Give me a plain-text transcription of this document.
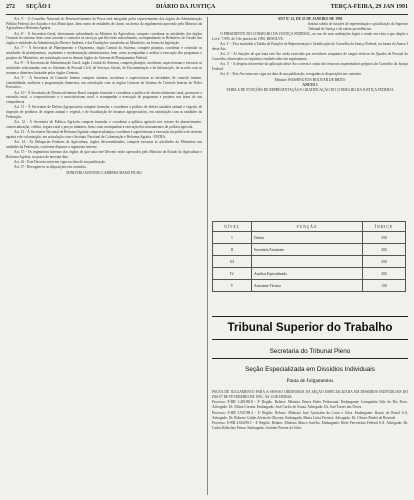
272 SEÇÃO I	DIÁRIO DA JUSTIÇA	TERÇA-FEIRA, 29 JAN 1991

Art. 5º - O Conselho Nacional do Desenvolvimento da Pesca será integrado pelos representantes dos órgãos da Administração Pública Federal, dos Estados e dos Municípios, bem como de entidades de classe, na forma do regulamento aprovado pelo Ministro da Agricultura e Reforma Agrária.

Art. 6º - O Secretário-Geral, diretamente subordinado ao Ministro da Agricultura, compete coordenar as atividades dos órgãos Centrais do sistema, bem como orientar e controlar os serviços que lhe estão subordinados, acompanhando os Relatórios de Gestão dos órgãos e entidades da Administração Direta e Indireta, e das Fundações vinculadas ao Ministério, na forma da legislação.

Art. 7º - À Secretaria de Planejamento e Orçamento, órgão Central do Sistema, compete planejar, coordenar e controlar as atividades de planejamento, orçamento e modernização administrativa, bem como acompanhar e avaliar a execução dos programas e projetos do Ministério, em articulação com os demais órgãos do Sistema de Planejamento Federal.

Art. 8º - À Secretaria de Administração Geral, órgão Central do Sistema, compete planejar, coordenar, supervisionar e executar as atividades relacionadas com os Sistemas de Pessoal Civil, de Serviços Gerais, de Documentação e de Informação, de acordo com as normas e diretrizes baixadas pelos órgãos Centrais.

Art. 9º - À Secretaria de Controle Interno compete orientar, coordenar e supervisionar as atividades de controle interno, contabilidade, auditoria e programação financeira, em articulação com os órgãos Centrais do Sistema de Controle Interno do Poder Executivo.

Art. 10 - À Secretaria de Desenvolvimento Rural compete formular e coordenar a política de desenvolvimento rural, promover a extensão rural, o cooperativismo e o associativismo rural, e acompanhar a execução de programas e projetos nas áreas de sua competência.

Art. 11 - À Secretaria de Defesa Agropecuária compete formular e coordenar a política de defesa sanitária animal e vegetal, de inspeção de produtos de origem animal e vegetal, e de fiscalização de insumos agropecuários, em articulação com as unidades da Federação.

Art. 12 - À Secretaria de Política Agrícola compete formular e coordenar a política agrícola nos setores de abastecimento, comercialização, crédito, seguro rural e preços mínimos, bem como acompanhar a execução dos instrumentos de política agrícola.

Art. 13 - À Secretaria Nacional de Reforma Agrária compete planejar, coordenar e supervisionar a execução da política de reforma agrária e de colonização, em articulação com o Instituto Nacional de Colonização e Reforma Agrária - INCRA.

Art. 14 - Às Delegacias Federais de Agricultura, órgãos descentralizados, compete executar as atividades do Ministério nas unidades da Federação, conforme dispuser o regimento interno.

Art. 15 - Os regimentos internos dos órgãos de que trata este Decreto serão aprovados pelo Ministro de Estado da Agricultura e Reforma Agrária, no prazo de noventa dias.

Art. 16 - Este Decreto entra em vigor na data de sua publicação.

Art. 17 - Revogam-se as disposições em contrário.

MINISTRO ANTONIO CABRERA MANO FILHO

ATO Nº 41, DE 25 DE JANEIRO DE 1991

Institui tabela de funções de representação e gratificação do Superior Tribunal de Justiça e dá outras providências.

O PRESIDENTE DO CONSELHO DA JUSTIÇA FEDERAL, no uso de suas atribuições legais e tendo em vista o que dispõe a Lei nº 7.995, de 9 de janeiro de 1990, RESOLVE:

Art. 1º - Fica instituída a Tabela de Funções de Representação e Gratificação do Conselho da Justiça Federal, na forma do Anexo I deste Ato.

Art. 2º - As funções de que trata este Ato serão exercidas por servidores ocupantes de cargos efetivos do Quadro de Pessoal do Conselho, observados os requisitos estabelecidos em regulamento.

Art. 3º - A despesa decorrente da aplicação deste Ato correrá à conta dos recursos orçamentários próprios do Conselho da Justiça Federal.

Art. 4º - Este Ato entra em vigor na data de sua publicação, revogadas as disposições em contrário.

Ministro WASHINGTON BOLIVAR DE BRITO

ANEXO I

TABELA DE FUNÇÕES DE REPRESENTAÇÃO E GRATIFICAÇÃO DO CONSELHO DA JUSTIÇA FEDERAL

NÍVEL	FUNÇÃO	ÍNDICE
I	Diretor	350
II	Secretário Assistente	300
III		250
IV	Auxiliar Especializado	200
V	Assistente Técnico	150
Tribunal Superior do Trabalho
Secretaria do Tribunal Pleno
Seção Especializada em Dissídios Individuais
Pauta de Julgamentos

PAUTA DE JULGAMENTO PARA A SESSÃO ORDINÁRIA DA SEÇÃO ESPECIALIZADA EM DISSÍDIOS INDIVIDUAIS DO DIA 07 DE FEVEREIRO DE 1991, ÀS 13:00 HORAS.

Processo: E-RR 1.481/88.8 - 3ª Região. Relator: Ministro Ermes Pedro Pedrassani. Embargante: Companhia Vale do Rio Doce. Advogado: Dr. Nilton Correia. Embargado: José Carlos de Souza. Advogado: Dr. José Torres das Neves.

Processo: E-RR 2.927/88.4 - 2ª Região. Relator: Ministro José Ajuricaba da Costa e Silva. Embargante: Banco do Brasil S.A. Advogado: Dr. Roberto Caldas Alvim de Oliveira. Embargada: Maria Lúcia Ferreira. Advogado: Dr. Ulisses Riedel de Resende.

Processo: E-RR 4.602/89.1 - 4ª Região. Relator: Ministro Marco Aurélio. Embargante: Rede Ferroviária Federal S.A. Advogado: Dr. Carlos Robichez Penna. Embargado: Antônio Pereira da Silva.
